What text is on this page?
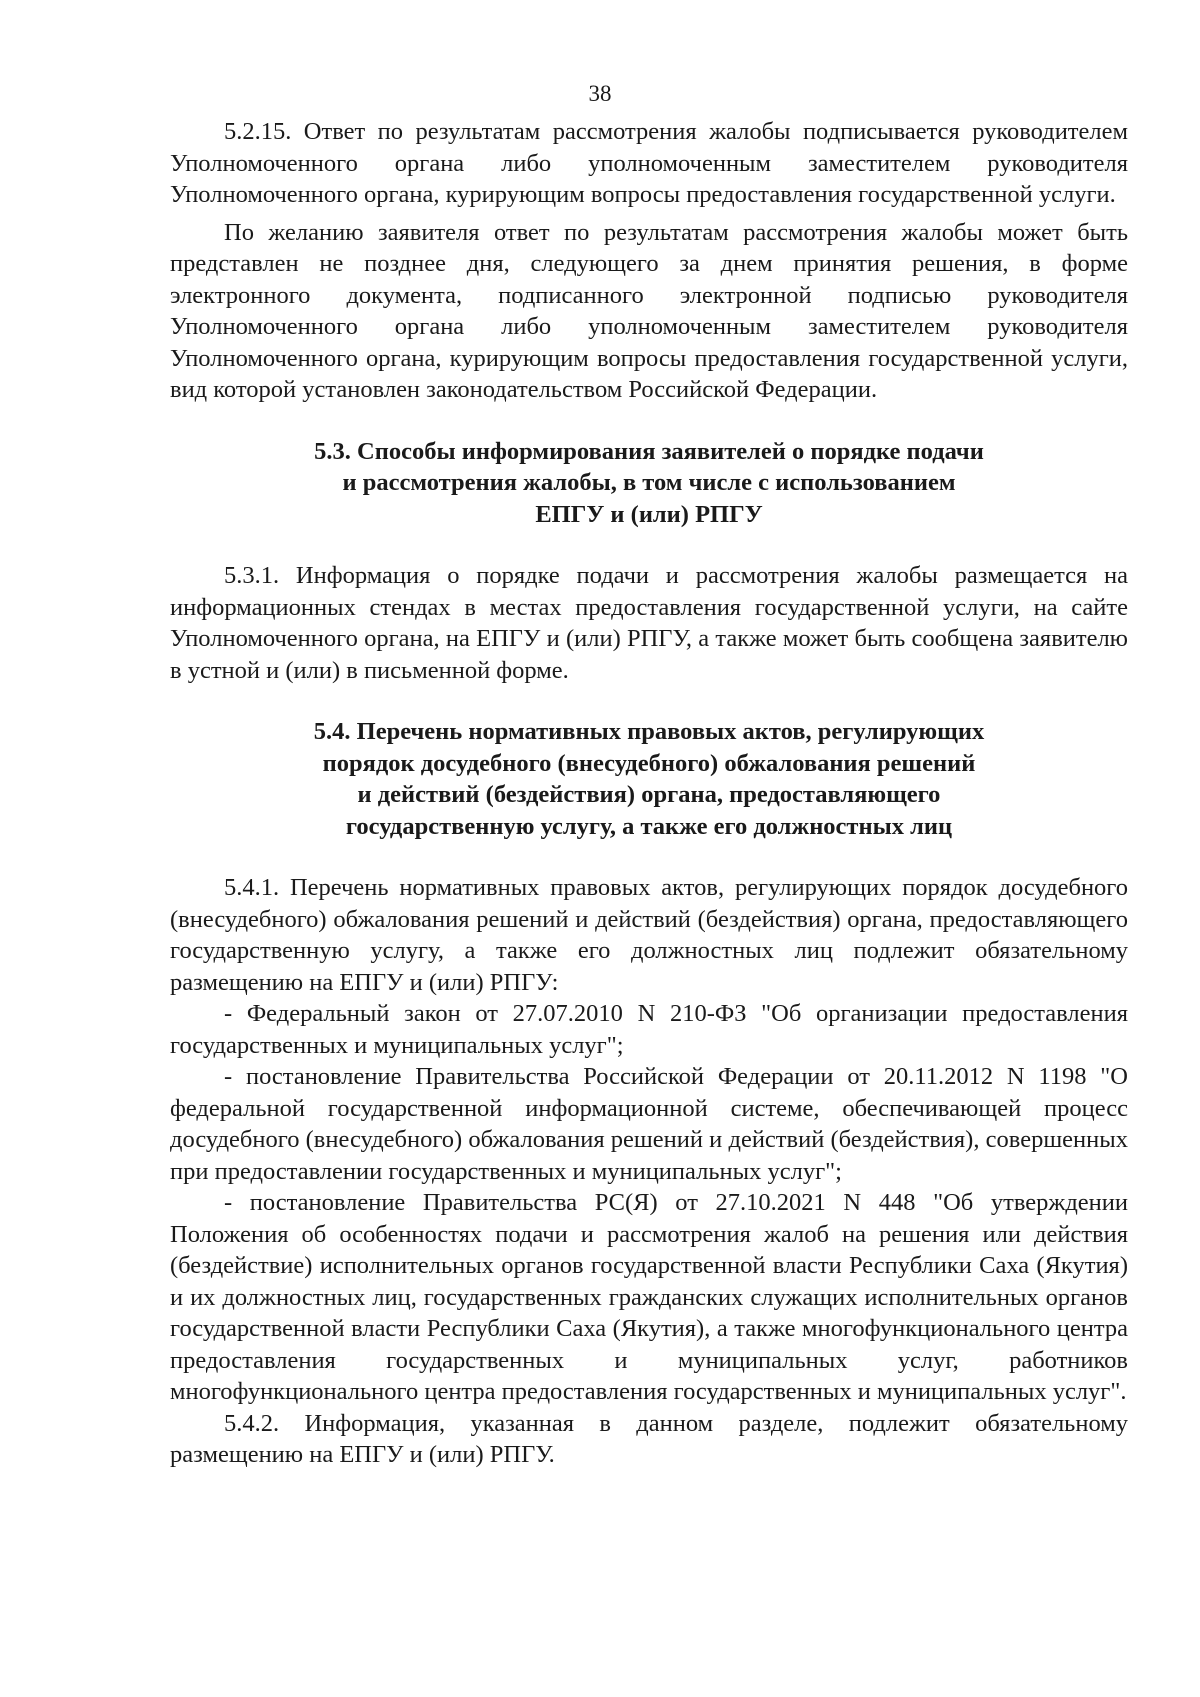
38

5.2.15. Ответ по результатам рассмотрения жалобы подписывается руководителем Уполномоченного органа либо уполномоченным заместителем руководителя Уполномоченного органа, курирующим вопросы предоставления государственной услуги.

По желанию заявителя ответ по результатам рассмотрения жалобы может быть представлен не позднее дня, следующего за днем принятия решения, в форме электронного документа, подписанного электронной подписью руководителя Уполномоченного органа либо уполномоченным заместителем руководителя Уполномоченного органа, курирующим вопросы предоставления государственной услуги, вид которой установлен законодательством Российской Федерации.

5.3. Способы информирования заявителей о порядке подачи
и рассмотрения жалобы, в том числе с использованием
ЕПГУ и (или) РПГУ

5.3.1. Информация о порядке подачи и рассмотрения жалобы размещается на информационных стендах в местах предоставления государственной услуги, на сайте Уполномоченного органа, на ЕПГУ и (или) РПГУ, а также может быть сообщена заявителю в устной и (или) в письменной форме.

5.4. Перечень нормативных правовых актов, регулирующих
порядок досудебного (внесудебного) обжалования решений
и действий (бездействия) органа, предоставляющего
государственную услугу, а также его должностных лиц

5.4.1. Перечень нормативных правовых актов, регулирующих порядок досудебного (внесудебного) обжалования решений и действий (бездействия) органа, предоставляющего государственную услугу, а также его должностных лиц подлежит обязательному размещению на ЕПГУ и (или) РПГУ:

- Федеральный закон от 27.07.2010 N 210-ФЗ "Об организации предоставления государственных и муниципальных услуг";

- постановление Правительства Российской Федерации от 20.11.2012 N 1198 "О федеральной государственной информационной системе, обеспечивающей процесс досудебного (внесудебного) обжалования решений и действий (бездействия), совершенных при предоставлении государственных и муниципальных услуг";

- постановление Правительства РС(Я) от 27.10.2021 N 448 "Об утверждении Положения об особенностях подачи и рассмотрения жалоб на решения или действия (бездействие) исполнительных органов государственной власти Республики Саха (Якутия) и их должностных лиц, государственных гражданских служащих исполнительных органов государственной власти Республики Саха (Якутия), а также многофункционального центра предоставления государственных и муниципальных услуг, работников многофункционального центра предоставления государственных и муниципальных услуг".

5.4.2. Информация, указанная в данном разделе, подлежит обязательному размещению на ЕПГУ и (или) РПГУ.
